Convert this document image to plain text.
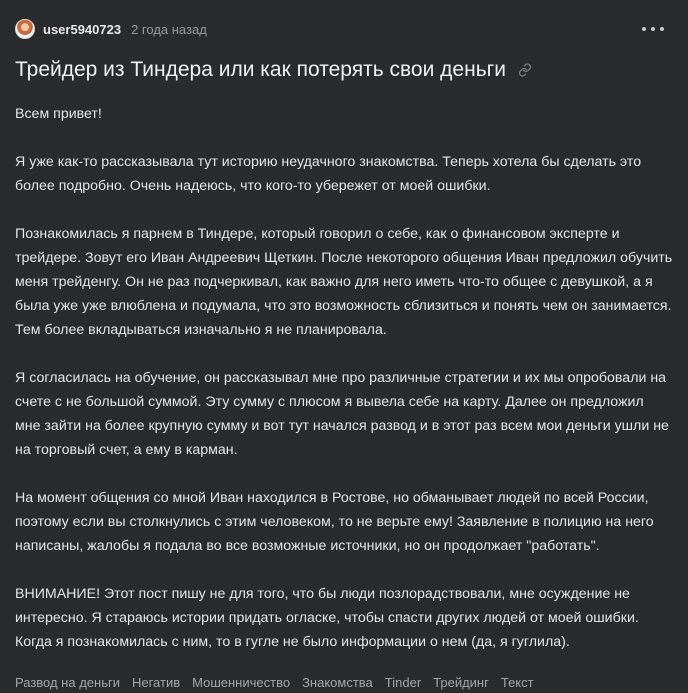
user5940723 2 года назад
Трейдер из Тиндера или как потерять свои деньги

Всем привет!

Я уже как-то рассказывала тут историю неудачного знакомства. Теперь хотела бы сделать это более подробно. Очень надеюсь, что кого-то убережет от моей ошибки.

Познакомилась я парнем в Тиндере, который говорил о себе, как о финансовом эксперте и трейдере. Зовут его Иван Андреевич Щеткин. После некоторого общения Иван предложил обучить меня трейденгу. Он не раз подчеркивал, как важно для него иметь что-то общее с девушкой, а я была уже уже влюблена и подумала, что это возможность сблизиться и понять чем он занимается. Тем более вкладываться изначально я не планировала.

Я согласилась на обучение, он рассказывал мне про различные стратегии и их мы опробовали на счете с не большой суммой. Эту сумму с плюсом я вывела себе на карту. Далее он предложил мне зайти на более крупную сумму и вот тут начался развод и в этот раз всем мои деньги ушли не на торговый счет, а ему в карман.

На момент общения со мной Иван находился в Ростове, но обманывает людей по всей России, поэтому если вы столкнулись с этим человеком, то не верьте ему! Заявление в полицию на него написаны, жалобы я подала во все возможные источники, но он продолжает "работать".

ВНИМАНИЕ! Этот пост пишу не для того, что бы люди позлорадствовали, мне осуждение не интересно. Я стараюсь истории придать огласке, чтобы спасти других людей от моей ошибки. Когда я познакомилась с ним, то в гугле не было информации о нем (да, я гуглила).

Развод на деньги Негатив Мошенничество Знакомства Tinder Трейдинг Текст
